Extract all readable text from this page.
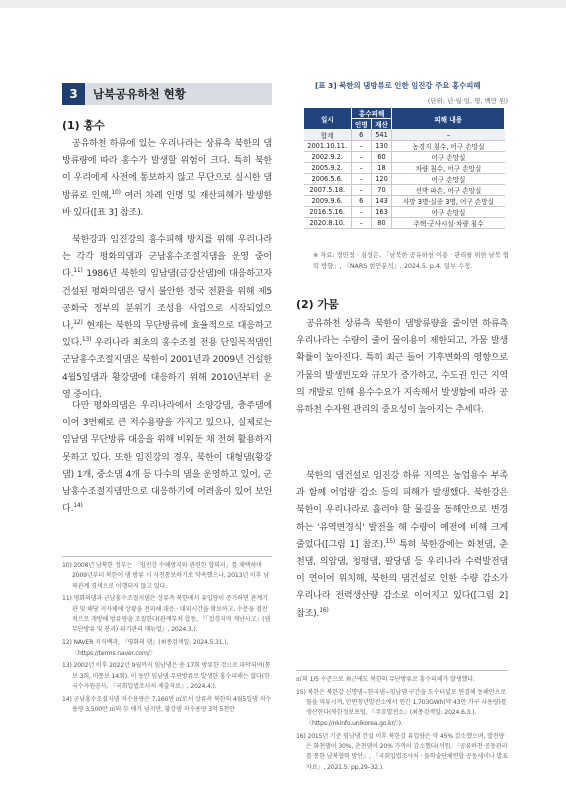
3	남북공유하천 현황
(1) 홍수
공유하천 하류에 있는 우리나라는 상류측 북한의 댐방류량에 따라 홍수가 발생할 위험이 크다. 특히 북한이 우리에게 사전에 통보하지 않고 무단으로 실시한 댐방류로 인해,$^{10)}$ 여러 차례 인명 및 재산피해가 발생한 바 있다([표 3] 참조).
북한강과 임진강의 홍수피해 방지를 위해 우리나라는 각각 평화의댐과 군남홍수조절지댐을 운영 중이다.$^{11)}$ 1986년 북한의 임남댐(금강산댐)에 대응하고자 건설된 평화의댐은 당시 불안한 정국 전환을 위해 제5공화국 정부의 분위기 조성용 사업으로 시작되었으나,$^{12)}$ 현재는 북한의 무단방류에 효율적으로 대응하고 있다.$^{13)}$ 우리나라 최초의 홍수조절 전용 단일목적댐인 군남홍수조절지댐은 북한이 2001년과 2009년 건설한 4월5일댐과 황강댐에 대응하기 위해 2010년부터 운영 중이다.
다만 평화의댐은 우리나라에서 소양강댐, 충주댐에 이어 3번째로 큰 저수용량을 가지고 있으나, 실제로는 임남댐 무단방류 대응을 위해 비워둔 채 전혀 활용하지 못하고 있다. 또한 임진강의 경우, 북한이 대형댐(황강댐) 1개, 중소댐 4개 등 다수의 댐을 운영하고 있어, 군남홍수조절지댐만으로 대응하기에 어려움이 있어 보인다.$^{14)}$
10) 2008년 남북한 정부는 「임진강 수해방지와 관련한 합의서」를 채택하며 2009년부터 북한이 댐 방류 시 사전통보하기로 약속했으나, 2013년 이후 남북관계 경색으로 이행되지 않고 있다.
11) 평화의댐과 군남홍수조절지댐은 상류측 북한에서 유입량이 증가하면 관계기관 및 해당 지자체에 상황을 전파해 대응 · 대피시간을 확보하고, 수문을 점진적으로 개방해 방류량을 조절한다(관계부처 합동, 『「접경지역 재난사고」(댐 무단방류 및 붕괴) 위기관리 매뉴얼』, 2024.3.).
12) NAVER 지식백과, 『평화의 댐』(최종검색일: 2024.5.31.), 〈https://terms.naver.com/〉
13) 2002년 이후 2022년 9월까지 임남댐은 총 17회 방류한 것으로 파악되며(통보 3회, 미통보 14회), 이 동안 임남댐 무단방류로 발생한 홍수피해는 없다(한국수자원공사, 『국회입법조사처 제출자료』, 2024.4.).
14) 군남홍수조절지댐 저수용량은 7,160만 ㎥로서 상류측 북한의 4월5일댐 저수용량 3,500만 ㎥의 두 배가 넘지만, 황강댐 저수용량 3억 5천만
[표 3] 북한의 댐방류로 인한 임진강 주요 홍수피해
(단위: 년·월·일, 명, 백만 원)
일시	홍수피해		피해 내용
	인명	재산	
합계	6	541	–
2001.10.11.	–	130	농경지 침수, 어구 손망실
2002.9.2.	–	60	어구 손망실
2005.9.2.	–	18	차량 침수, 어구 손망실
2006.5.6.	–	120	어구 손망실
2007.5.18.	–	70	선박 파손, 어구 손망실
2009.9.6.	6	143	사망 3명·실종 3명, 어구 손망실
2016.5.16.	–	163	어구 손망실
2020.8.10.	–	80	주택·군사시설·차량 침수
※ 자료: 정민정 · 심성은, 「남북한 공유하천 이용 · 관리를 위한 남북 협력 방향」, 『NARS 현안분석』, 2024.5. p.4. 일부 수정.
(2) 가뭄
공유하천 상류측 북한이 댐방류량을 줄이면 하류측 우리나라는 수량이 줄어 물이용이 제한되고, 가뭄 발생 확률이 높아진다. 특히 최근 들어 기후변화의 영향으로 가뭄의 발생빈도와 규모가 증가하고, 수도권 인근 지역의 개발로 인해 용수수요가 지속해서 발생함에 따라 공유하천 수자원 관리의 중요성이 높아지는 추세다.
북한의 댐건설로 임진강 하류 지역은 농업용수 부족과 함께 어업량 감소 등의 피해가 발생했다. 북한강은 북한이 우리나라로 흘러야 할 물길을 동해안으로 변경하는 '유역변경식' 발전을 해 수량이 예전에 비해 크게 줄었다([그림 1] 참조).$^{15)}$ 특히 북한강에는 화천댐, 춘천댐, 의암댐, 청평댐, 팔당댐 등 우리나라 수력발전댐이 연이어 위치해, 북한의 댐건설로 인한 수량 감소가 우리나라 전력생산량 감소로 이어지고 있다([그림 2] 참조).$^{16)}$
㎥의 1/5 수준으로 최근에도 북한의 무단방류로 홍수피해가 발생했다.
15) 북한은 북한강 신명댐∼한국댐∼임남댐 구간을 도수터널로 연결해 동해안으로 물을 역류시켜, 안변청년발전소에서 연간 1,703GWh(약 43만 가구 사용량)를 생산한다(북한정보포털, 『주요발전소』(최종검색일: 2024.6.3.), 〈https://nkinfo.unikorea.go.kr/〉).
16) 2015년 기준 임남댐 건설 이후 북한강 유입량은 약 45% 감소했으며, 발전량은 화천댐이 30%, 춘천댐이 20% 가까이 감소했다(석원, 『공유하천 공동관리를 통한 남북협력 방안』, 「국회입법조사처 · 물학술단체연합 공동세미나 발표자료」, 2021.5. pp.29–32.).
